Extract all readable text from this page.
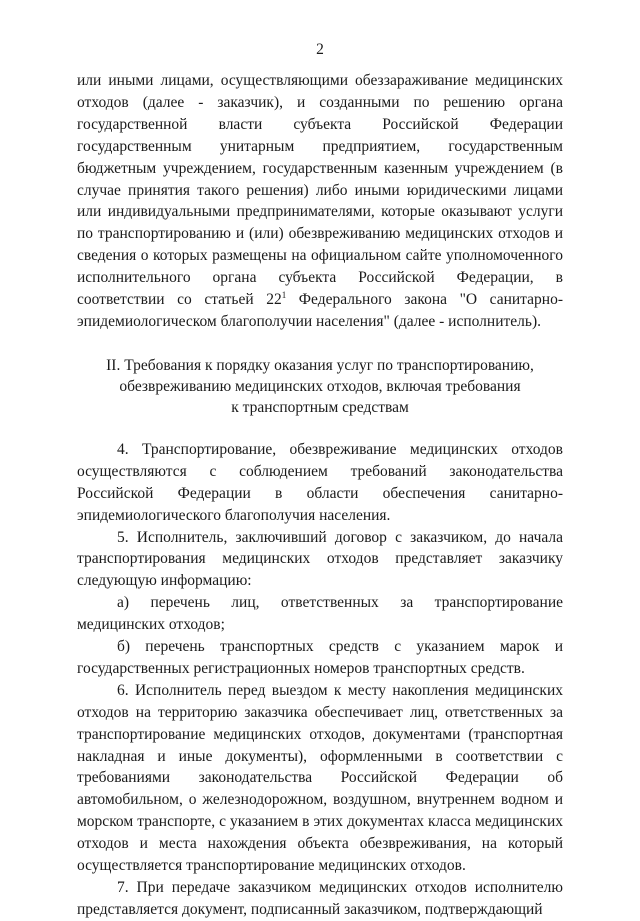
2

или иными лицами, осуществляющими обеззараживание медицинских отходов (далее - заказчик), и созданными по решению органа государственной власти субъекта Российской Федерации государственным унитарным предприятием, государственным бюджетным учреждением, государственным казенным учреждением (в случае принятия такого решения) либо иными юридическими лицами или индивидуальными предпринимателями, которые оказывают услуги по транспортированию и (или) обезвреживанию медицинских отходов и сведения о которых размещены на официальном сайте уполномоченного исполнительного органа субъекта Российской Федерации, в соответствии со статьей $22^1$ Федерального закона "О санитарно-эпидемиологическом благополучии населения" (далее - исполнитель).

II. Требования к порядку оказания услуг по транспортированию,
обезвреживанию медицинских отходов, включая требования
к транспортным средствам

4. Транспортирование, обезвреживание медицинских отходов осуществляются с соблюдением требований законодательства Российской Федерации в области обеспечения санитарно-эпидемиологического благополучия населения.

5. Исполнитель, заключивший договор с заказчиком, до начала транспортирования медицинских отходов представляет заказчику следующую информацию:

а) перечень лиц, ответственных за транспортирование медицинских отходов;

б) перечень транспортных средств с указанием марок и государственных регистрационных номеров транспортных средств.

6. Исполнитель перед выездом к месту накопления медицинских отходов на территорию заказчика обеспечивает лиц, ответственных за транспортирование медицинских отходов, документами (транспортная накладная и иные документы), оформленными в соответствии с требованиями законодательства Российской Федерации об автомобильном, о железнодорожном, воздушном, внутреннем водном и морском транспорте, с указанием в этих документах класса медицинских отходов и места нахождения объекта обезвреживания, на который осуществляется транспортирование медицинских отходов.

7. При передаче заказчиком медицинских отходов исполнителю представляется документ, подписанный заказчиком, подтверждающий
